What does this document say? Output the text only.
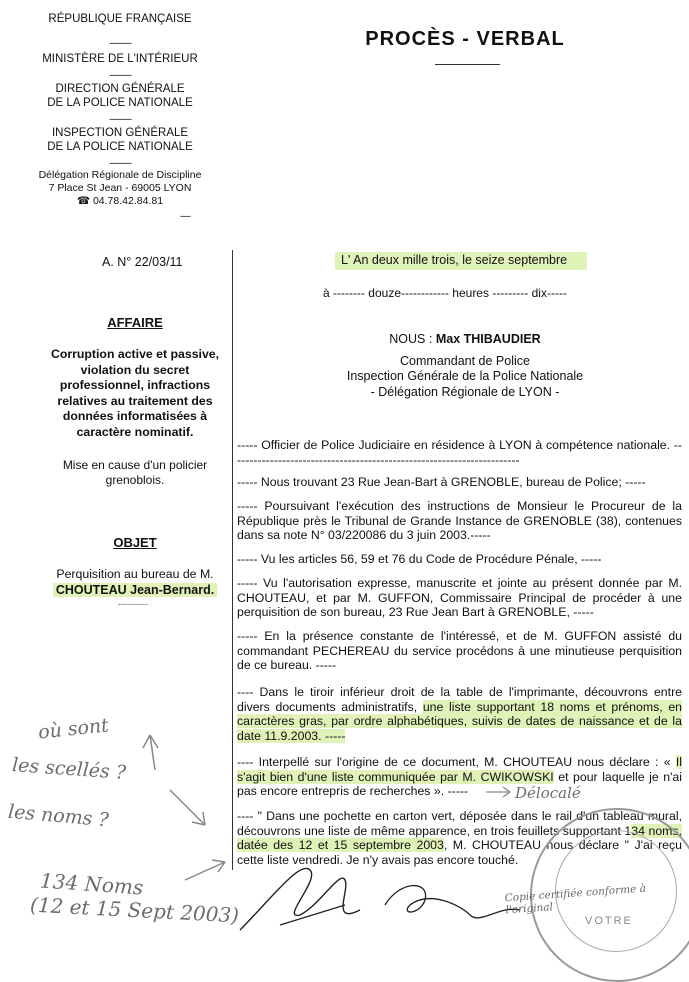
RÉPUBLIQUE FRANÇAISE
-----------
MINISTÈRE DE L'INTÉRIEUR
-----------
DIRECTION GÉNÉRALE
DE LA POLICE NATIONALE
-----------
INSPECTION GÉNÉRALE
DE LA POLICE NATIONALE
-----------
Délégation Régionale de Discipline
7 Place St Jean - 69005 LYON
☎ 04.78.42.84.81
-----
PROCÈS - VERBAL
A. N° 22/03/11	L' An deux mille trois, le seize septembre
à -------- douze------------ heures --------- dix-----
NOUS : Max THIBAUDIER
Commandant de Police
Inspection Générale de la Police Nationale
- Délégation Régionale de LYON -
AFFAIRE
Corruption active et passive, violation du secret professionnel, infractions relatives au traitement des données informatisées à caractère nominatif.
Mise en cause d'un policier grenoblois.
OBJET
Perquisition au bureau de M.
CHOUTEAU Jean-Bernard.
----------
----- Officier de Police Judiciaire en résidence à LYON à compétence nationale. -----------------------------------------------------------------------
----- Nous trouvant 23 Rue Jean-Bart à GRENOBLE, bureau de Police; -----
----- Poursuivant l'exécution des instructions de Monsieur le Procureur de la République près le Tribunal de Grande Instance de GRENOBLE (38), contenues dans sa note N° 03/220086 du 3 juin 2003.-----
----- Vu les articles 56, 59 et 76 du Code de Procédure Pénale, -----
----- Vu l'autorisation expresse, manuscrite et jointe au présent donnée par M. CHOUTEAU, et par M. GUFFON, Commissaire Principal de procéder à une perquisition de son bureau, 23 Rue Jean Bart à GRENOBLE, -----
----- En la présence constante de l'intéressé, et de M. GUFFON assisté du commandant PECHEREAU du service procédons à une minutieuse perquisition de ce bureau. -----
---- Dans le tiroir inférieur droit de la table de l'imprimante, découvrons entre divers documents administratifs, une liste supportant 18 noms et prénoms, en caractères gras, par ordre alphabétiques, suivis de dates de naissance et de la date 11.9.2003. -----
---- Interpellé sur l'origine de ce document, M. CHOUTEAU nous déclare : « Il s'agit bien d'une liste communiquée par M. CWIKOWSKI et pour laquelle je n'ai pas encore entrepris de recherches ». -----
---- " Dans une pochette en carton vert, déposée dans le rail d'un tableau mural, découvrons une liste de même apparence, en trois feuillets supportant 134 noms, datée des 12 et 15 septembre 2003, M. CHOUTEAU nous déclare " J'ai reçu cette liste vendredi. Je n'y avais pas encore touché.
où sont
les scellés ?
les noms ?
134 Noms
(12 et 15 Sept 2003)
Délocalé
VOTRE
Copie certifiée conforme à l'original
